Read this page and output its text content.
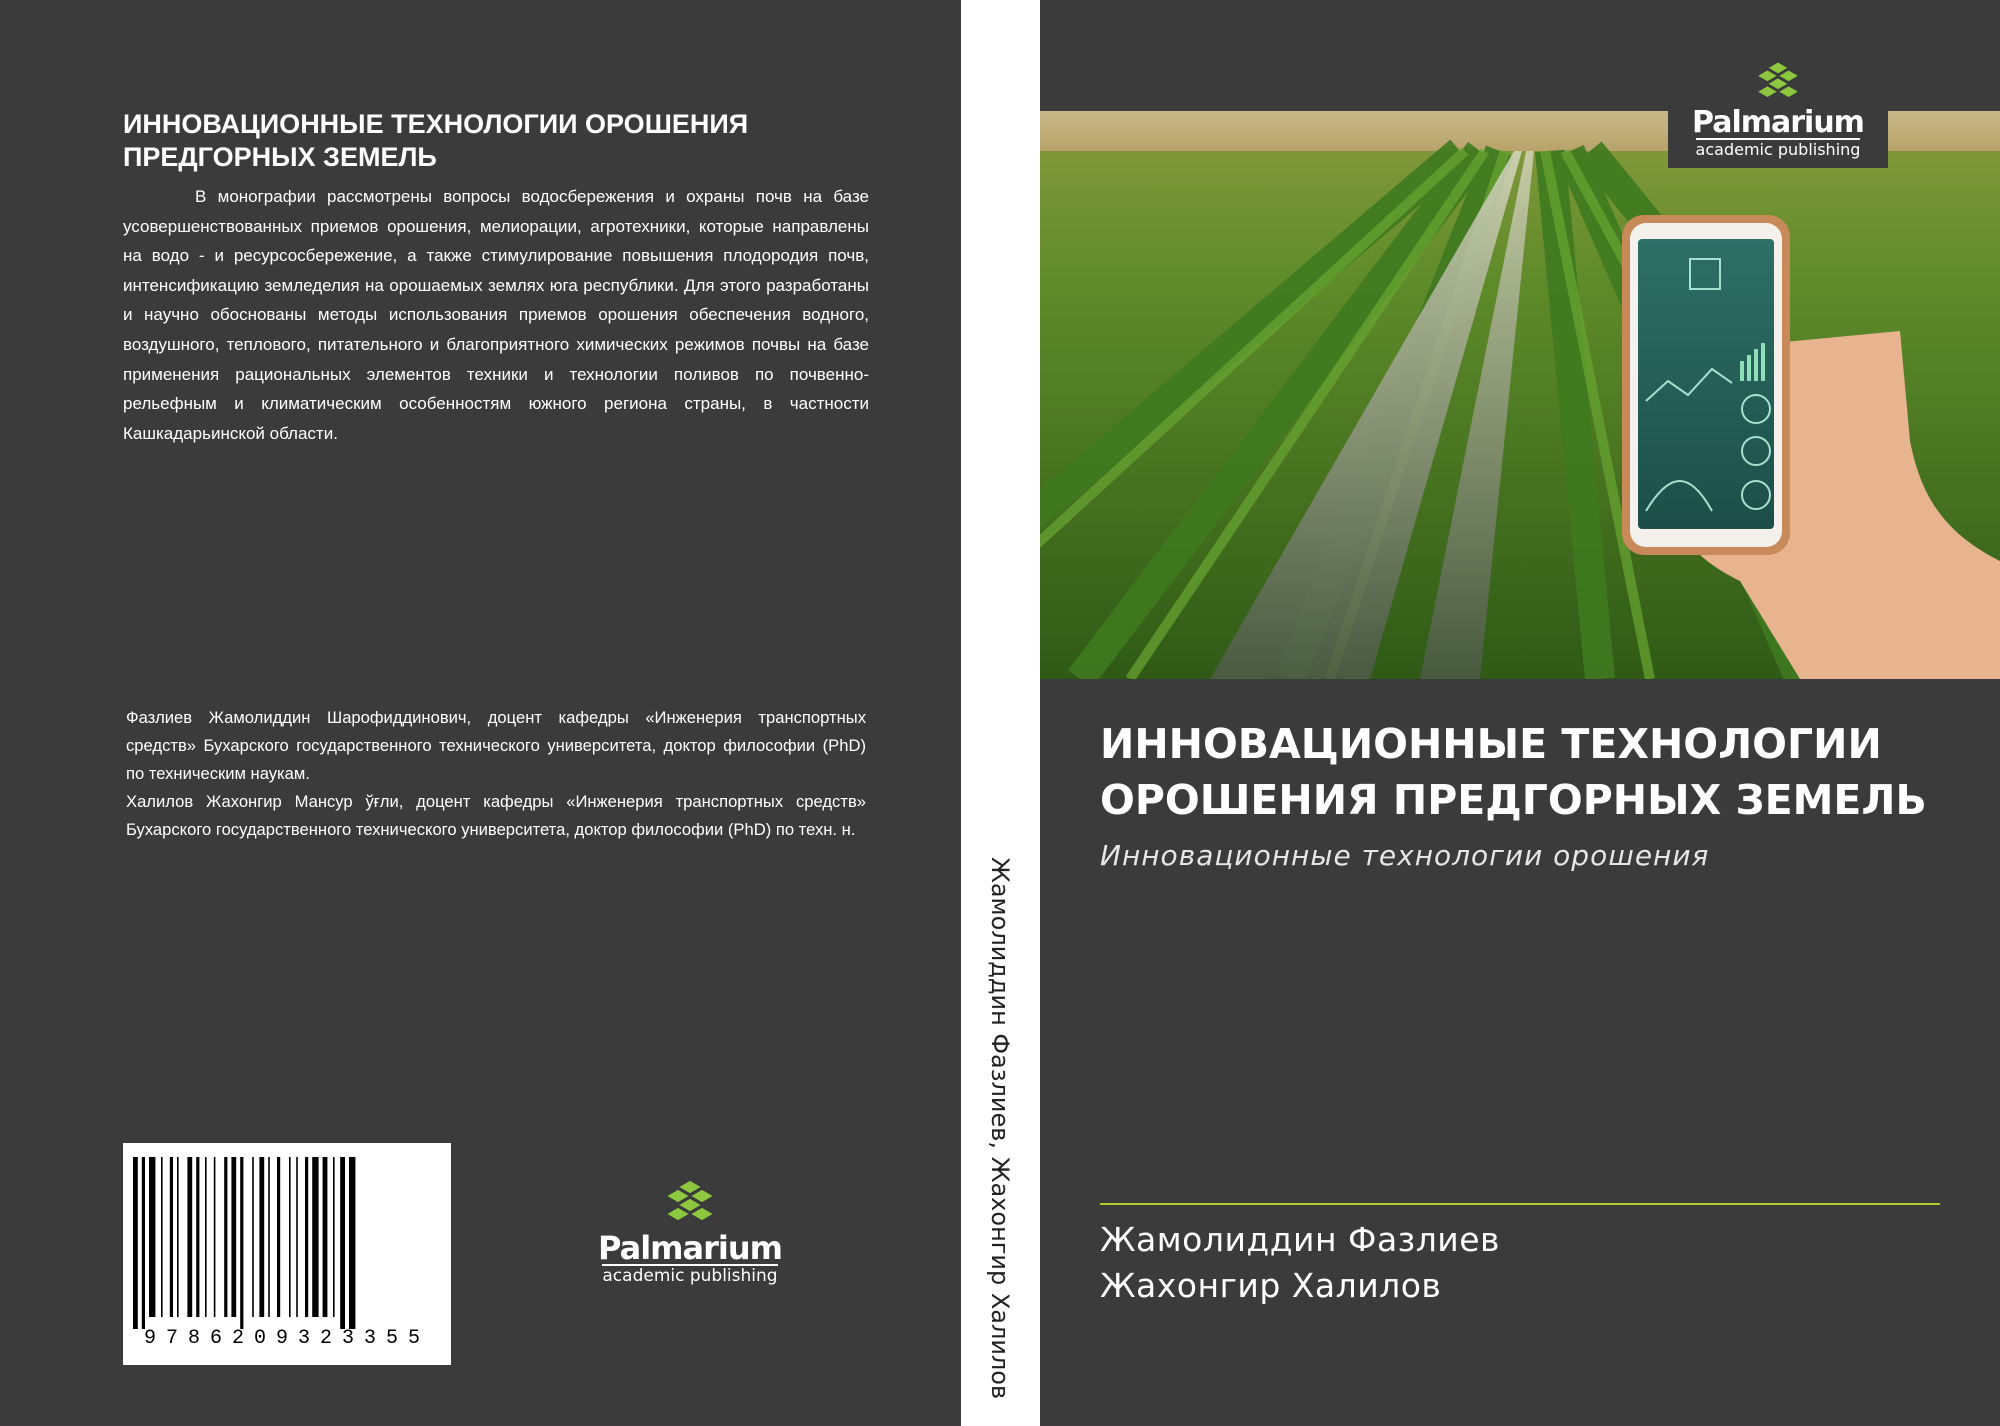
ИННОВАЦИОННЫЕ ТЕХНОЛОГИИ ОРОШЕНИЯ ПРЕДГОРНЫХ ЗЕМЕЛЬ

В монографии рассмотрены вопросы водосбережения и охраны почв на базе усовершенствованных приемов орошения, мелиорации, агротехники, которые направлены на водо - и ресурсосбережение, а также стимулирование повышения плодородия почв, интенсификацию земледелия на орошаемых землях юга республики. Для этого разработаны и научно обоснованы методы использования приемов орошения обеспечения водного, воздушного, теплового, питательного и благоприятного химических режимов почвы на базе применения рациональных элементов техники и технологии поливов по почвенно-рельефным и климатическим особенностям южного региона страны, в частности Кашкадарьинской области.

Фазлиев Жамолиддин Шарофиддинович, доцент кафедры «Инженерия транспортных средств» Бухарского государственного технического университета, доктор философии (PhD) по техническим наукам.
Халилов Жахонгир Мансур ўғли, доцент кафедры «Инженерия транспортных средств» Бухарского государственного технического университета, доктор философии (PhD) по техн. н.
9786209323355
Palmarium
academic publishing	Жамолиддин Фазлиев, Жахонгир Халилов
Palmarium
academic publishing
ИННОВАЦИОННЫЕ ТЕХНОЛОГИИ ОРОШЕНИЯ ПРЕДГОРНЫХ ЗЕМЕЛЬ
Инновационные технологии орошения
Жамолиддин Фазлиев
Жахонгир Халилов
